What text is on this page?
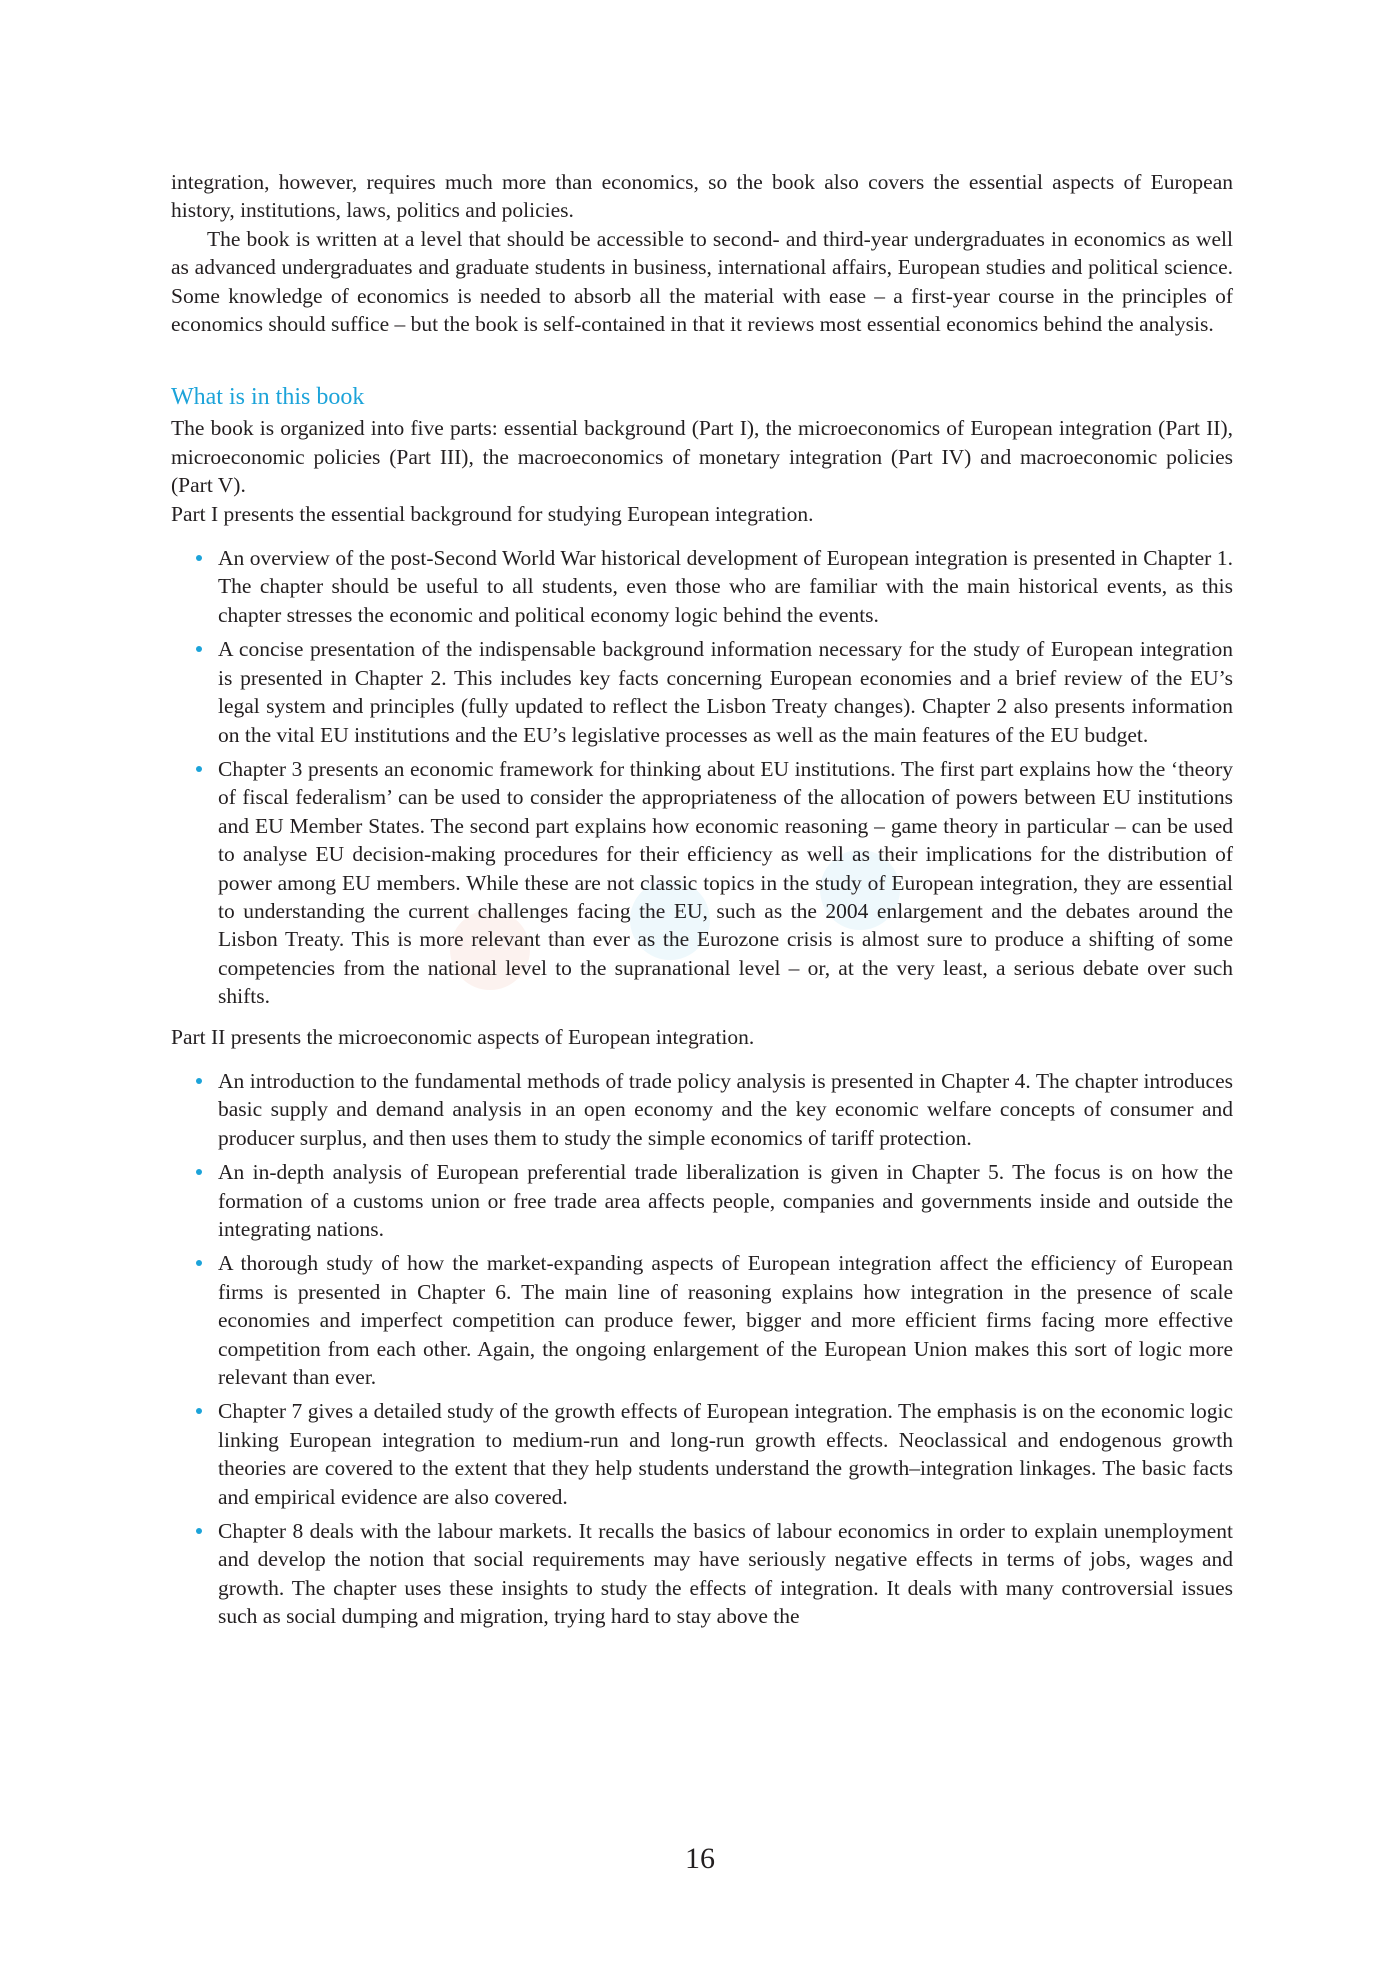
integration, however, requires much more than economics, so the book also covers the essential aspects of European history, institutions, laws, politics and policies.

The book is written at a level that should be accessible to second- and third-year undergraduates in economics as well as advanced undergraduates and graduate students in business, international affairs, European studies and political science. Some knowledge of economics is needed to absorb all the material with ease – a first-year course in the principles of economics should suffice – but the book is self-contained in that it reviews most essential economics behind the analysis.

What is in this book

The book is organized into five parts: essential background (Part I), the microeconomics of European integration (Part II), microeconomic policies (Part III), the macroeconomics of monetary integration (Part IV) and macroeconomic policies (Part V).

Part I presents the essential background for studying European integration.

An overview of the post-Second World War historical development of European integration is presented in Chapter 1. The chapter should be useful to all students, even those who are familiar with the main historical events, as this chapter stresses the economic and political economy logic behind the events.

A concise presentation of the indispensable background information necessary for the study of European integration is presented in Chapter 2. This includes key facts concerning European economies and a brief review of the EU’s legal system and principles (fully updated to reflect the Lisbon Treaty changes). Chapter 2 also presents information on the vital EU institutions and the EU’s legislative processes as well as the main features of the EU budget.

Chapter 3 presents an economic framework for thinking about EU institutions. The first part explains how the ‘theory of fiscal federalism’ can be used to consider the appropriateness of the allocation of powers between EU institutions and EU Member States. The second part explains how economic reasoning – game theory in particular – can be used to analyse EU decision-making procedures for their efficiency as well as their implications for the distribution of power among EU members. While these are not classic topics in the study of European integration, they are essential to understanding the current challenges facing the EU, such as the 2004 enlargement and the debates around the Lisbon Treaty. This is more relevant than ever as the Eurozone crisis is almost sure to produce a shifting of some competencies from the national level to the supranational level – or, at the very least, a serious debate over such shifts.

Part II presents the microeconomic aspects of European integration.

An introduction to the fundamental methods of trade policy analysis is presented in Chapter 4. The chapter introduces basic supply and demand analysis in an open economy and the key economic welfare concepts of consumer and producer surplus, and then uses them to study the simple economics of tariff protection.

An in-depth analysis of European preferential trade liberalization is given in Chapter 5. The focus is on how the formation of a customs union or free trade area affects people, companies and governments inside and outside the integrating nations.

A thorough study of how the market-expanding aspects of European integration affect the efficiency of European firms is presented in Chapter 6. The main line of reasoning explains how integration in the presence of scale economies and imperfect competition can produce fewer, bigger and more efficient firms facing more effective competition from each other. Again, the ongoing enlargement of the European Union makes this sort of logic more relevant than ever.

Chapter 7 gives a detailed study of the growth effects of European integration. The emphasis is on the economic logic linking European integration to medium-run and long-run growth effects. Neoclassical and endogenous growth theories are covered to the extent that they help students understand the growth–integration linkages. The basic facts and empirical evidence are also covered.

Chapter 8 deals with the labour markets. It recalls the basics of labour economics in order to explain unemployment and develop the notion that social requirements may have seriously negative effects in terms of jobs, wages and growth. The chapter uses these insights to study the effects of integration. It deals with many controversial issues such as social dumping and migration, trying hard to stay above the

16
